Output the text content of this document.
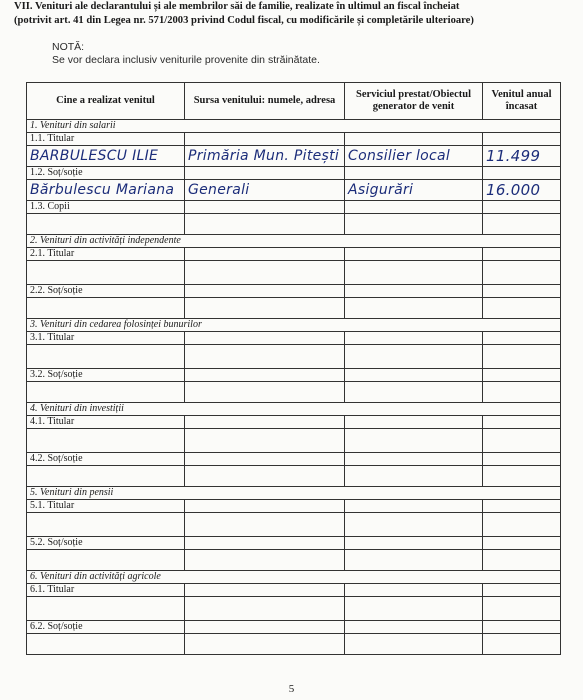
VII. Venituri ale declarantului și ale membrilor săi de familie, realizate în ultimul an fiscal încheiat
(potrivit art. 41 din Legea nr. 571/2003 privind Codul fiscal, cu modificările și completările ulterioare)
NOTĂ:
Se vor declara inclusiv veniturile provenite din străinătate.
Cine a realizat venitul	Sursa venitului: numele, adresa	Serviciul prestat/Obiectul generator de venit	Venitul anual încasat
1. Venituri din salarii			
1.1. Titular			
BARBULESCU ILIE	Primăria Mun. Pitești	Consilier local	11.499
1.2. Soț/soție			
Bărbulescu Mariana	Generali	Asigurări	16.000
1.3. Copii			

2. Venituri din activități independente			
2.1. Titular			

2.2. Soț/soție			

3. Venituri din cedarea folosinței bunurilor			
3.1. Titular			

3.2. Soț/soție			

4. Venituri din investiții			
4.1. Titular			

4.2. Soț/soție			

5. Venituri din pensii			
5.1. Titular			

5.2. Soț/soție			

6. Venituri din activități agricole			
6.1. Titular			

6.2. Soț/soție			

5
